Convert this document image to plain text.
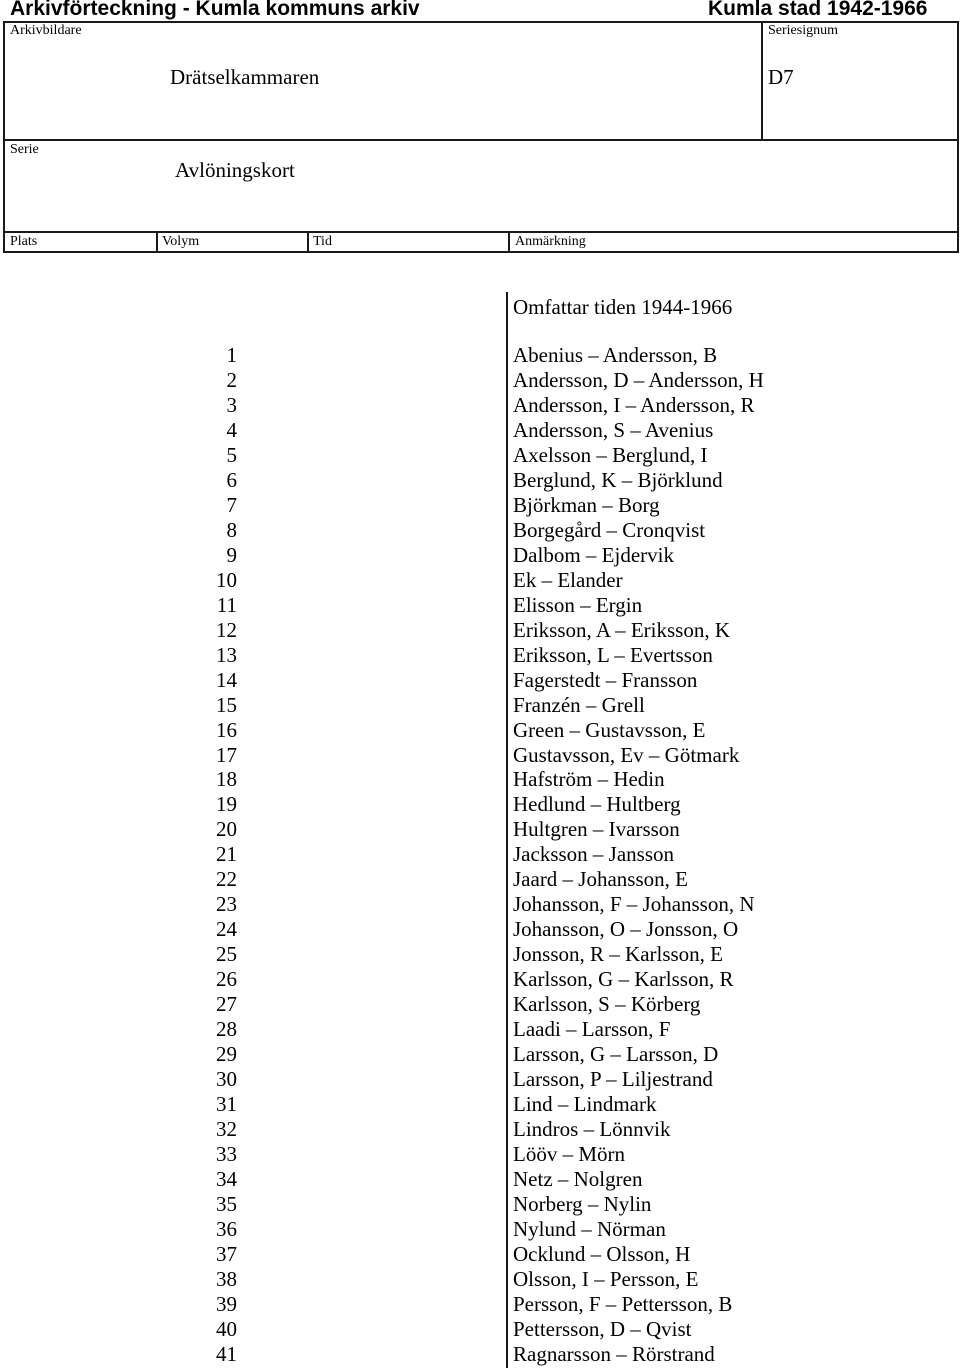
Arkivförteckning - Kumla kommuns arkiv	Kumla stad 1942-1966
Arkivbildare
Drätselkammaren
Seriesignum
D7
Serie
Avlöningskort
Plats	Volym	Tid	Anmärkning
Omfattar tiden 1944-1966
1	Abenius – Andersson, B
2	Andersson, D – Andersson, H
3	Andersson, I – Andersson, R
4	Andersson, S – Avenius
5	Axelsson – Berglund, I
6	Berglund, K – Björklund
7	Björkman – Borg
8	Borgegård – Cronqvist
9	Dalbom – Ejdervik
10	Ek – Elander
11	Elisson – Ergin
12	Eriksson, A – Eriksson, K
13	Eriksson, L – Evertsson
14	Fagerstedt – Fransson
15	Franzén – Grell
16	Green – Gustavsson, E
17	Gustavsson, Ev – Götmark
18	Hafström – Hedin
19	Hedlund – Hultberg
20	Hultgren – Ivarsson
21	Jacksson – Jansson
22	Jaard – Johansson, E
23	Johansson, F – Johansson, N
24	Johansson, O – Jonsson, O
25	Jonsson, R – Karlsson, E
26	Karlsson, G – Karlsson, R
27	Karlsson, S – Körberg
28	Laadi – Larsson, F
29	Larsson, G – Larsson, D
30	Larsson, P – Liljestrand
31	Lind – Lindmark
32	Lindros – Lönnvik
33	Lööv – Mörn
34	Netz – Nolgren
35	Norberg – Nylin
36	Nylund – Nörman
37	Ocklund – Olsson, H
38	Olsson, I – Persson, E
39	Persson, F – Pettersson, B
40	Pettersson, D – Qvist
41	Ragnarsson – Rörstrand
